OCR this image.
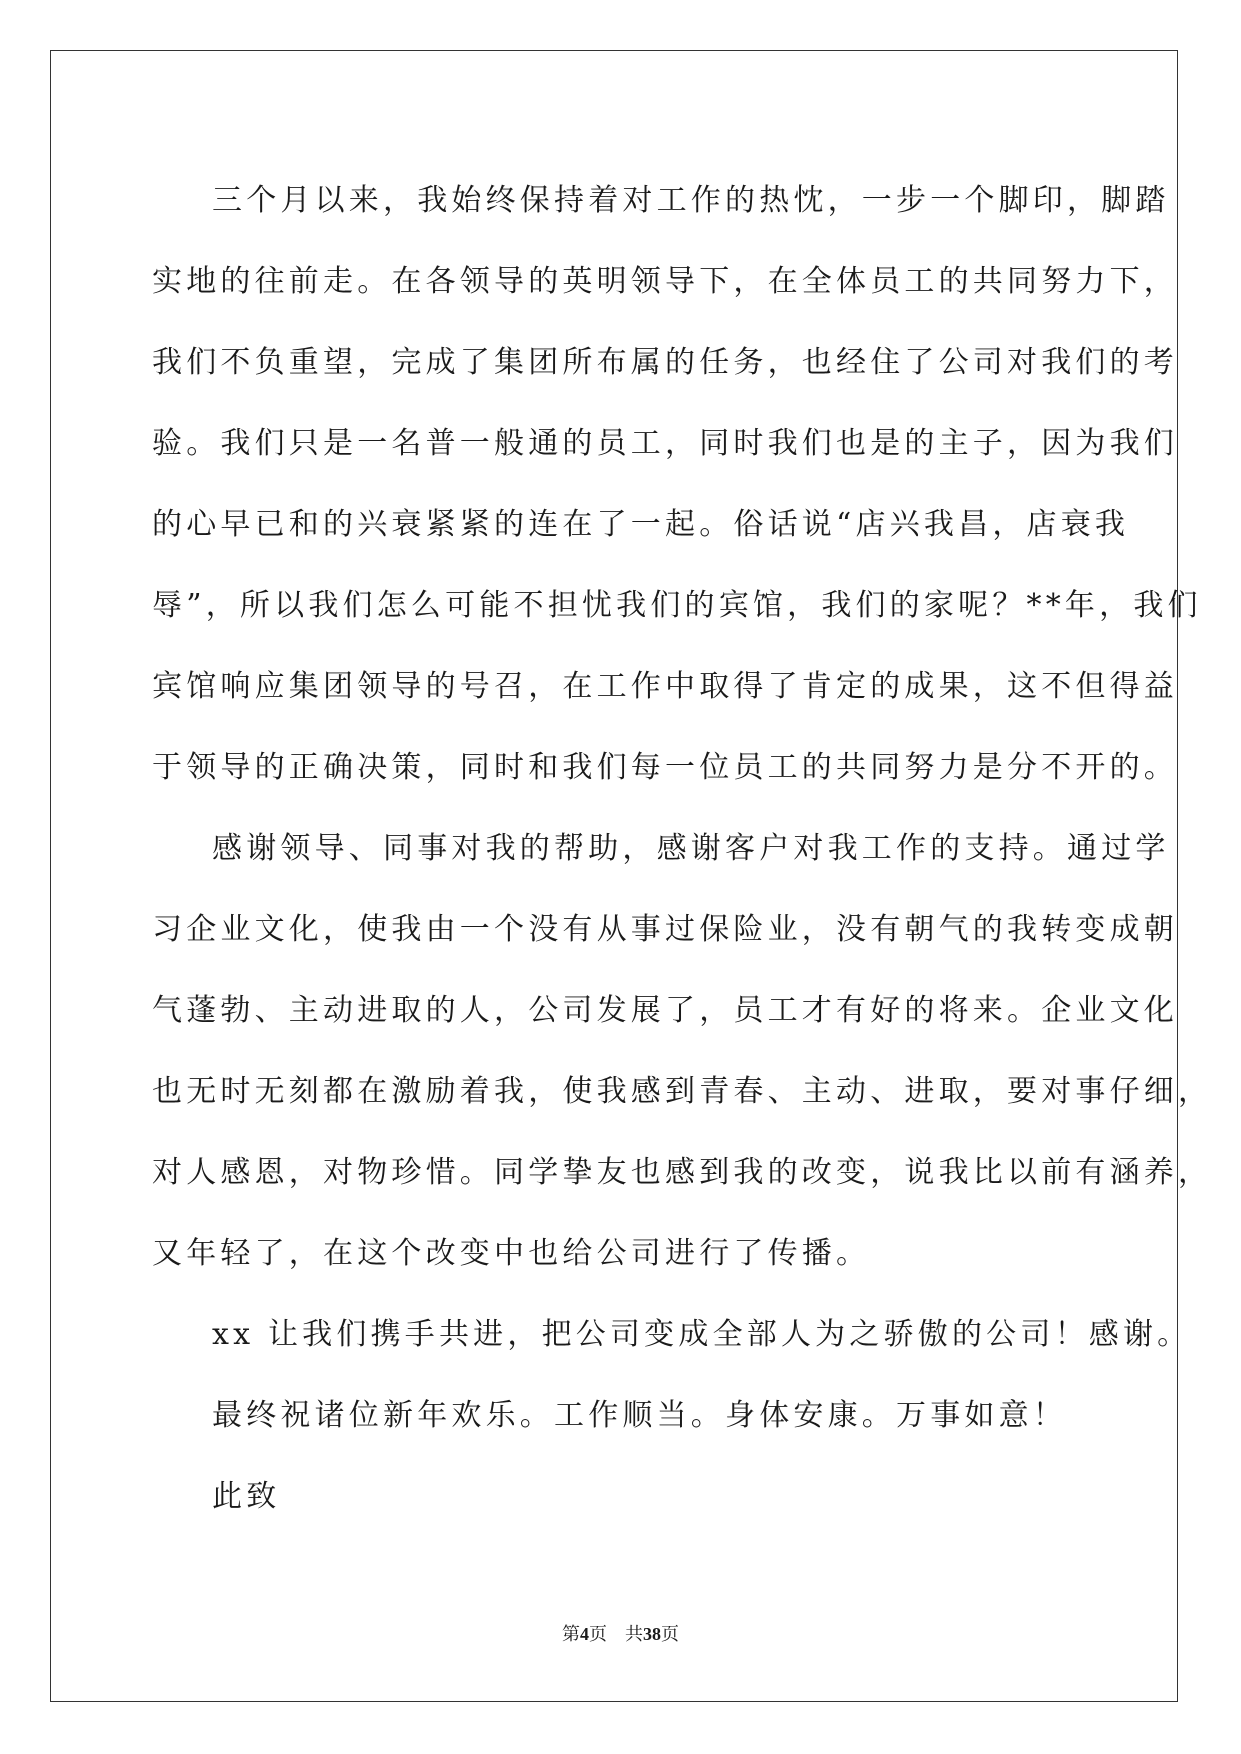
三个月以来，我始终保持着对工作的热忱，一步一个脚印，脚踏
实地的往前走。在各领导的英明领导下，在全体员工的共同努力下，
我们不负重望，完成了集团所布属的任务，也经住了公司对我们的考
验。我们只是一名普一般通的员工，同时我们也是的主子，因为我们
的心早已和的兴衰紧紧的连在了一起。俗话说“店兴我昌，店衰我
辱”，所以我们怎么可能不担忧我们的宾馆，我们的家呢？**年，我们
宾馆响应集团领导的号召，在工作中取得了肯定的成果，这不但得益
于领导的正确决策，同时和我们每一位员工的共同努力是分不开的。

感谢领导、同事对我的帮助，感谢客户对我工作的支持。通过学
习企业文化，使我由一个没有从事过保险业，没有朝气的我转变成朝
气蓬勃、主动进取的人，公司发展了，员工才有好的将来。企业文化
也无时无刻都在激励着我，使我感到青春、主动、进取，要对事仔细，
对人感恩，对物珍惜。同学挚友也感到我的改变，说我比以前有涵养，
又年轻了，在这个改变中也给公司进行了传播。

xx 让我们携手共进，把公司变成全部人为之骄傲的公司！感谢。

最终祝诸位新年欢乐。工作顺当。身体安康。万事如意！

此致

第4页 共38页
